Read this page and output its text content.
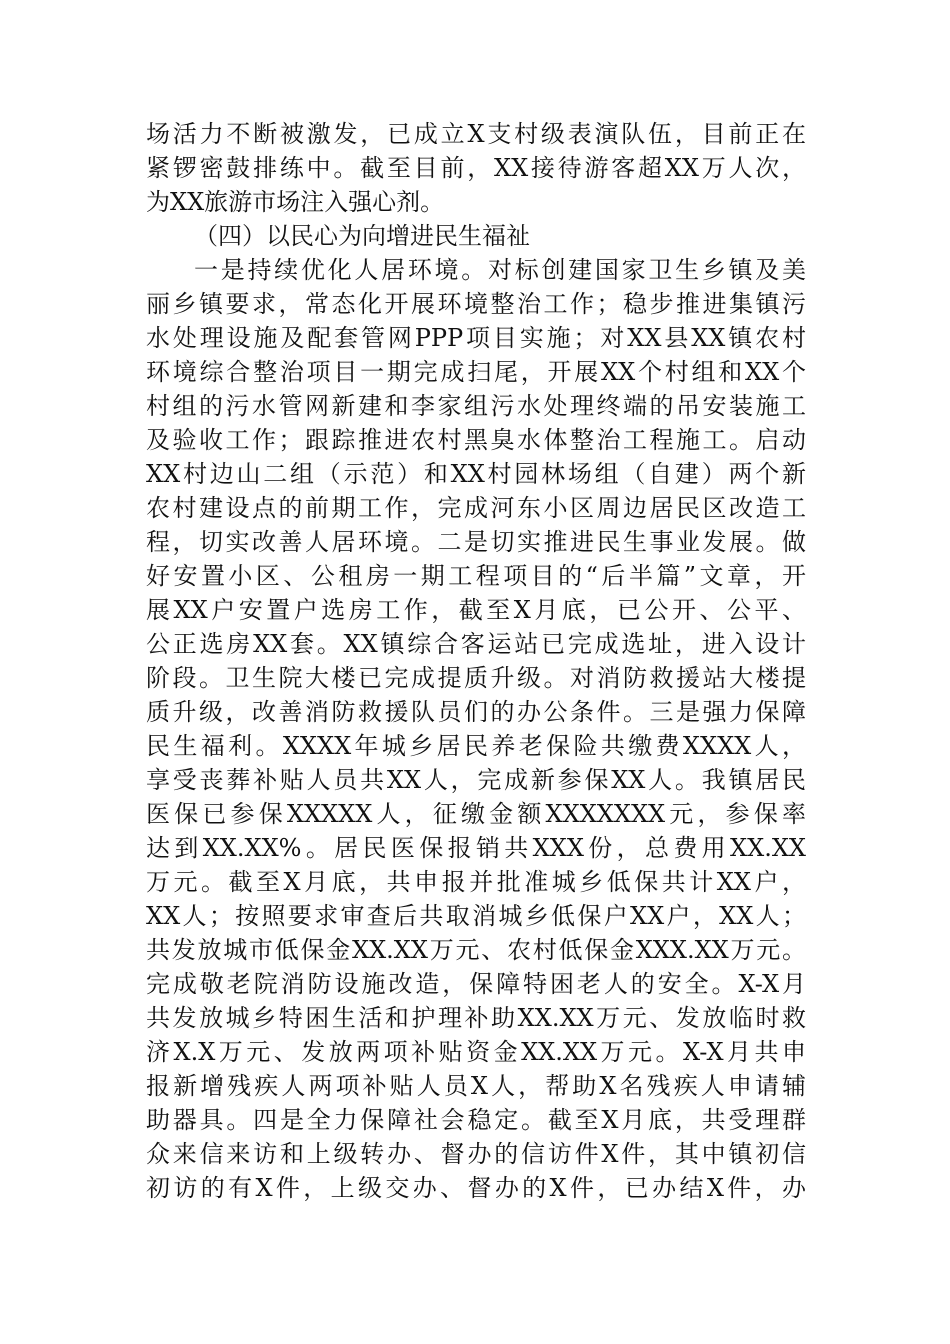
场活力不断被激发，已成立X支村级表演队伍，目前正在
紧锣密鼓排练中。截至目前，XX接待游客超XX万人次，
为XX旅游市场注入强心剂。
（四）以民心为向增进民生福祉
一是持续优化人居环境。对标创建国家卫生乡镇及美
丽乡镇要求，常态化开展环境整治工作；稳步推进集镇污
水处理设施及配套管网PPP项目实施；对XX县XX镇农村
环境综合整治项目一期完成扫尾，开展XX个村组和XX个
村组的污水管网新建和李家组污水处理终端的吊安装施工
及验收工作；跟踪推进农村黑臭水体整治工程施工。启动
XX村边山二组（示范）和XX村园林场组（自建）两个新
农村建设点的前期工作，完成河东小区周边居民区改造工
程，切实改善人居环境。二是切实推进民生事业发展。做
好安置小区、公租房一期工程项目的“后半篇”文章，开
展XX户安置户选房工作，截至X月底，已公开、公平、
公正选房XX套。XX镇综合客运站已完成选址，进入设计
阶段。卫生院大楼已完成提质升级。对消防救援站大楼提
质升级，改善消防救援队员们的办公条件。三是强力保障
民生福利。XXXX年城乡居民养老保险共缴费XXXX人，
享受丧葬补贴人员共XX人，完成新参保XX人。我镇居民
医保已参保XXXXX人，征缴金额XXXXXXX元，参保率
达到XX.XX%。居民医保报销共XXX份，总费用XX.XX
万元。截至X月底，共申报并批准城乡低保共计XX户，
XX人；按照要求审查后共取消城乡低保户XX户，XX人；
共发放城市低保金XX.XX万元、农村低保金XXX.XX万元。
完成敬老院消防设施改造，保障特困老人的安全。X-X月
共发放城乡特困生活和护理补助XX.XX万元、发放临时救
济X.X万元、发放两项补贴资金XX.XX万元。X-X月共申
报新增残疾人两项补贴人员X人，帮助X名残疾人申请辅
助器具。四是全力保障社会稳定。截至X月底，共受理群
众来信来访和上级转办、督办的信访件X件，其中镇初信
初访的有X件，上级交办、督办的X件，已办结X件，办
